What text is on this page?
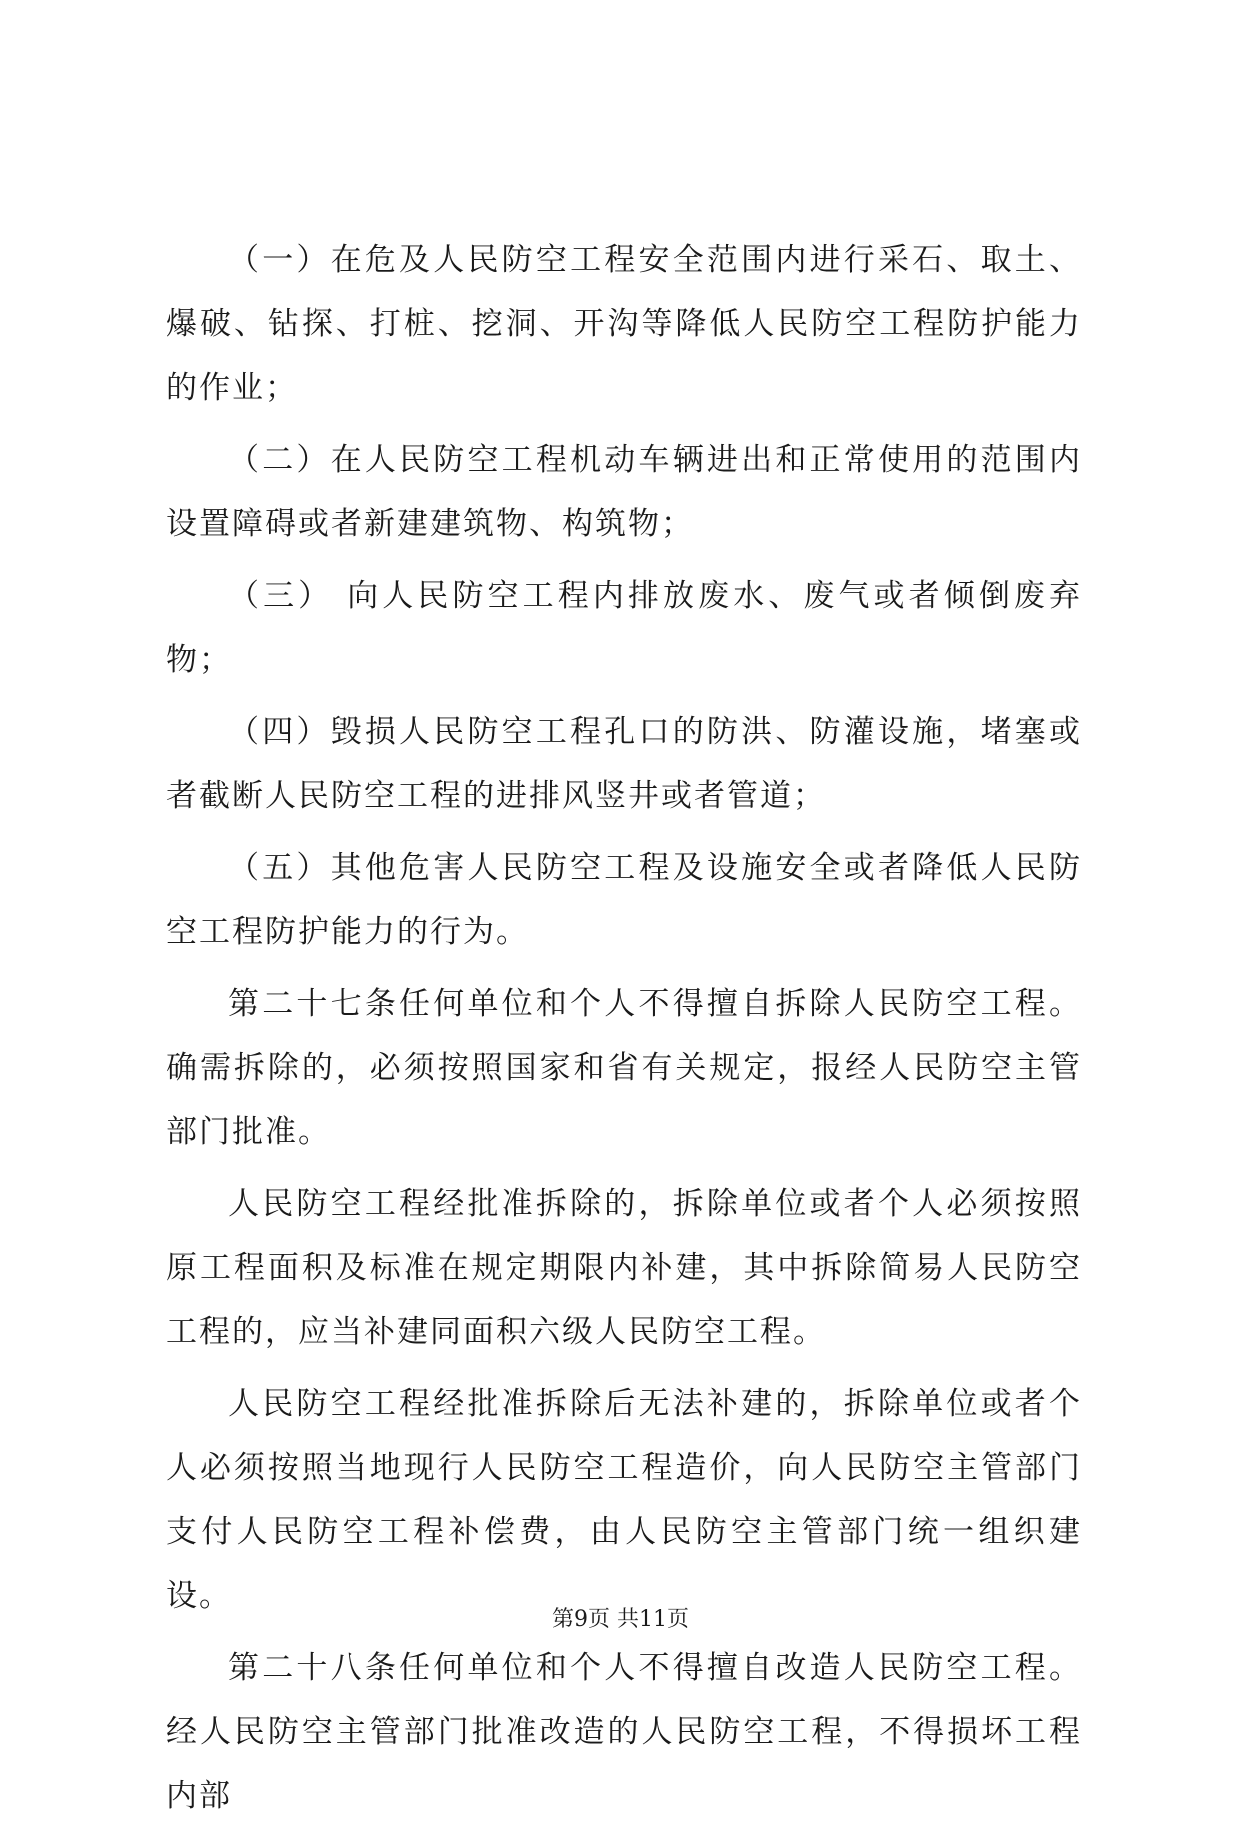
（一）在危及人民防空工程安全范围内进行采石、取土、爆破、钻探、打桩、挖洞、开沟等降低人民防空工程防护能力的作业；

（二）在人民防空工程机动车辆进出和正常使用的范围内设置障碍或者新建建筑物、构筑物；

（三） 向人民防空工程内排放废水、废气或者倾倒废弃物；

（四）毁损人民防空工程孔口的防洪、防灌设施，堵塞或者截断人民防空工程的进排风竖井或者管道；

（五）其他危害人民防空工程及设施安全或者降低人民防空工程防护能力的行为。

第二十七条任何单位和个人不得擅自拆除人民防空工程。确需拆除的，必须按照国家和省有关规定，报经人民防空主管部门批准。

人民防空工程经批准拆除的，拆除单位或者个人必须按照原工程面积及标准在规定期限内补建，其中拆除简易人民防空工程的，应当补建同面积六级人民防空工程。

人民防空工程经批准拆除后无法补建的，拆除单位或者个人必须按照当地现行人民防空工程造价，向人民防空主管部门支付人民防空工程补偿费，由人民防空主管部门统一组织建设。

第二十八条任何单位和个人不得擅自改造人民防空工程。经人民防空主管部门批准改造的人民防空工程，不得损坏工程内部

第9页 共11页
